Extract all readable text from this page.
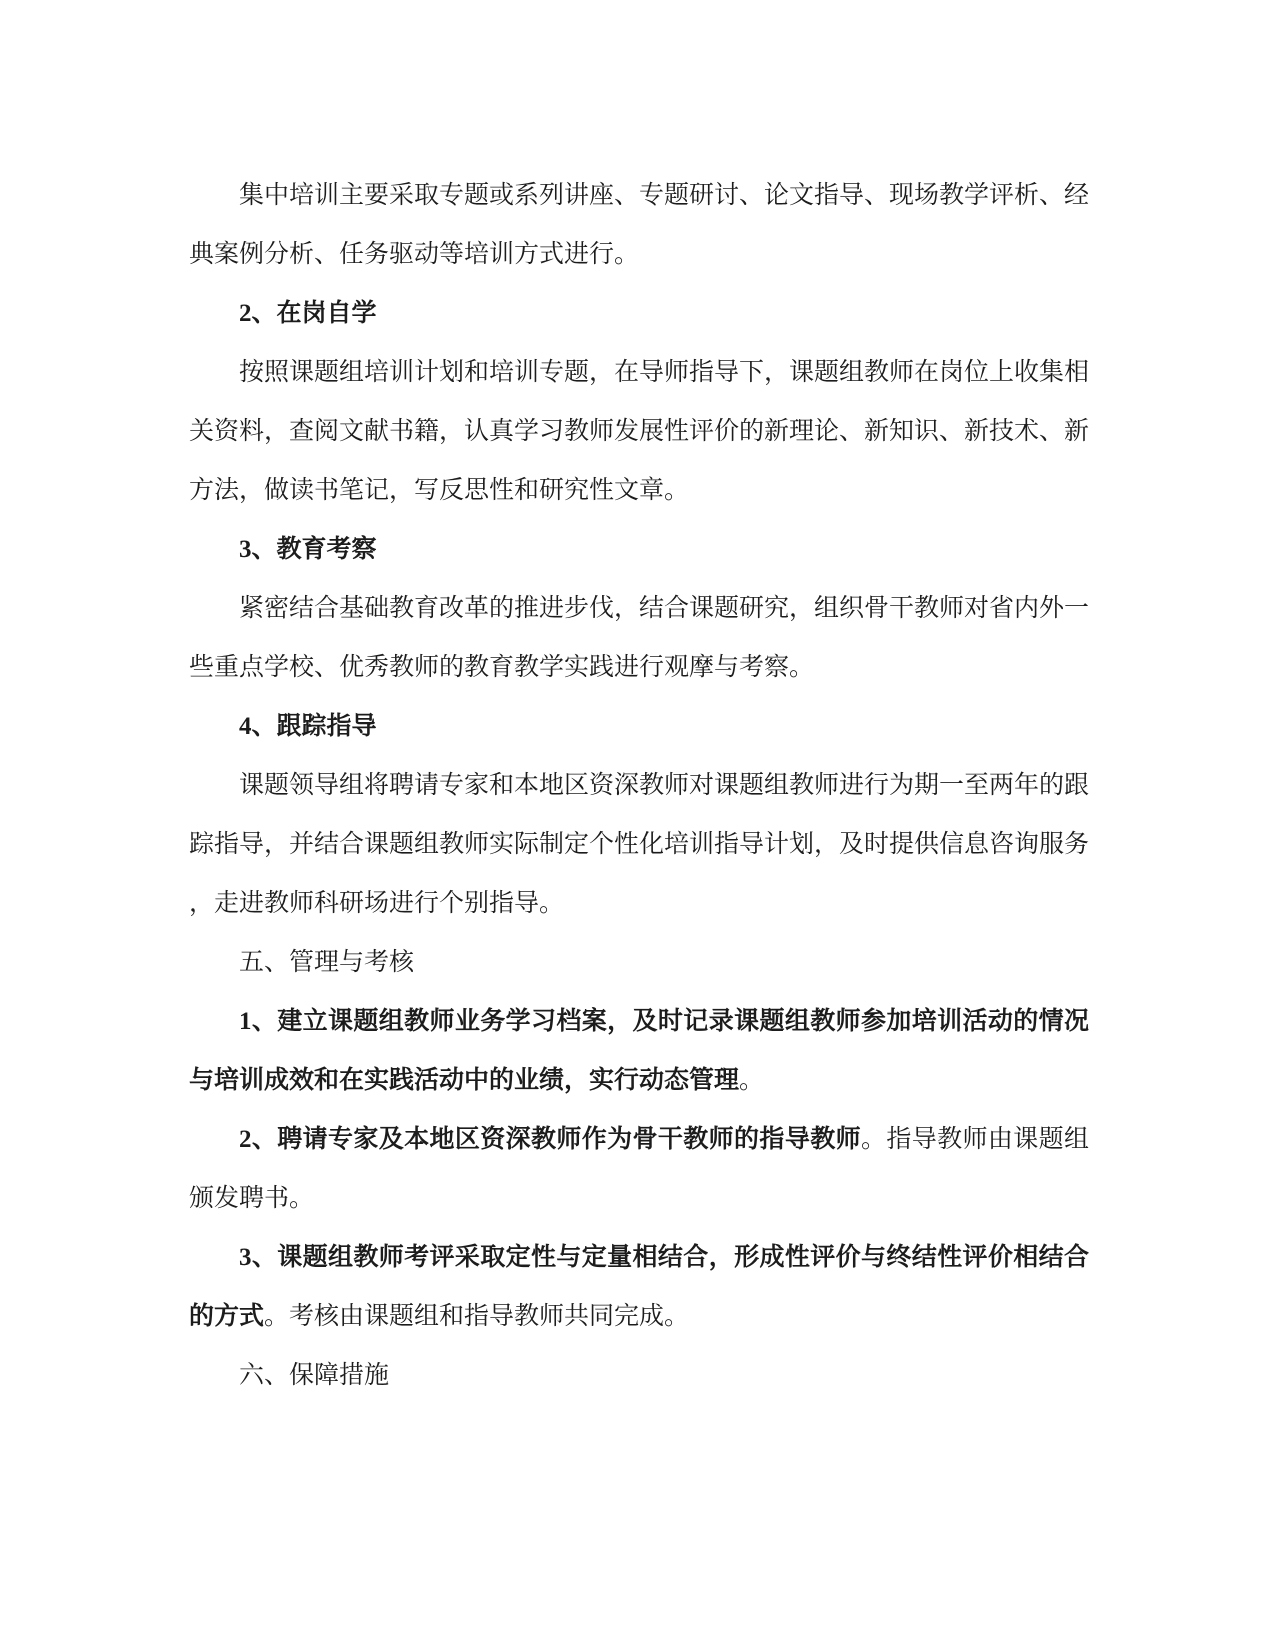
集中培训主要采取专题或系列讲座、专题研讨、论文指导、现场教学评析、经典案例分析、任务驱动等培训方式进行。

2、在岗自学

按照课题组培训计划和培训专题，在导师指导下，课题组教师在岗位上收集相关资料，查阅文献书籍，认真学习教师发展性评价的新理论、新知识、新技术、新方法，做读书笔记，写反思性和研究性文章。

3、教育考察

紧密结合基础教育改革的推进步伐，结合课题研究，组织骨干教师对省内外一些重点学校、优秀教师的教育教学实践进行观摩与考察。

4、跟踪指导

课题领导组将聘请专家和本地区资深教师对课题组教师进行为期一至两年的跟踪指导，并结合课题组教师实际制定个性化培训指导计划，及时提供信息咨询服务，走进教师科研场进行个别指导。

五、管理与考核

1、建立课题组教师业务学习档案，及时记录课题组教师参加培训活动的情况与培训成效和在实践活动中的业绩，实行动态管理。

2、聘请专家及本地区资深教师作为骨干教师的指导教师。指导教师由课题组颁发聘书。

3、课题组教师考评采取定性与定量相结合，形成性评价与终结性评价相结合的方式。考核由课题组和指导教师共同完成。

六、保障措施
